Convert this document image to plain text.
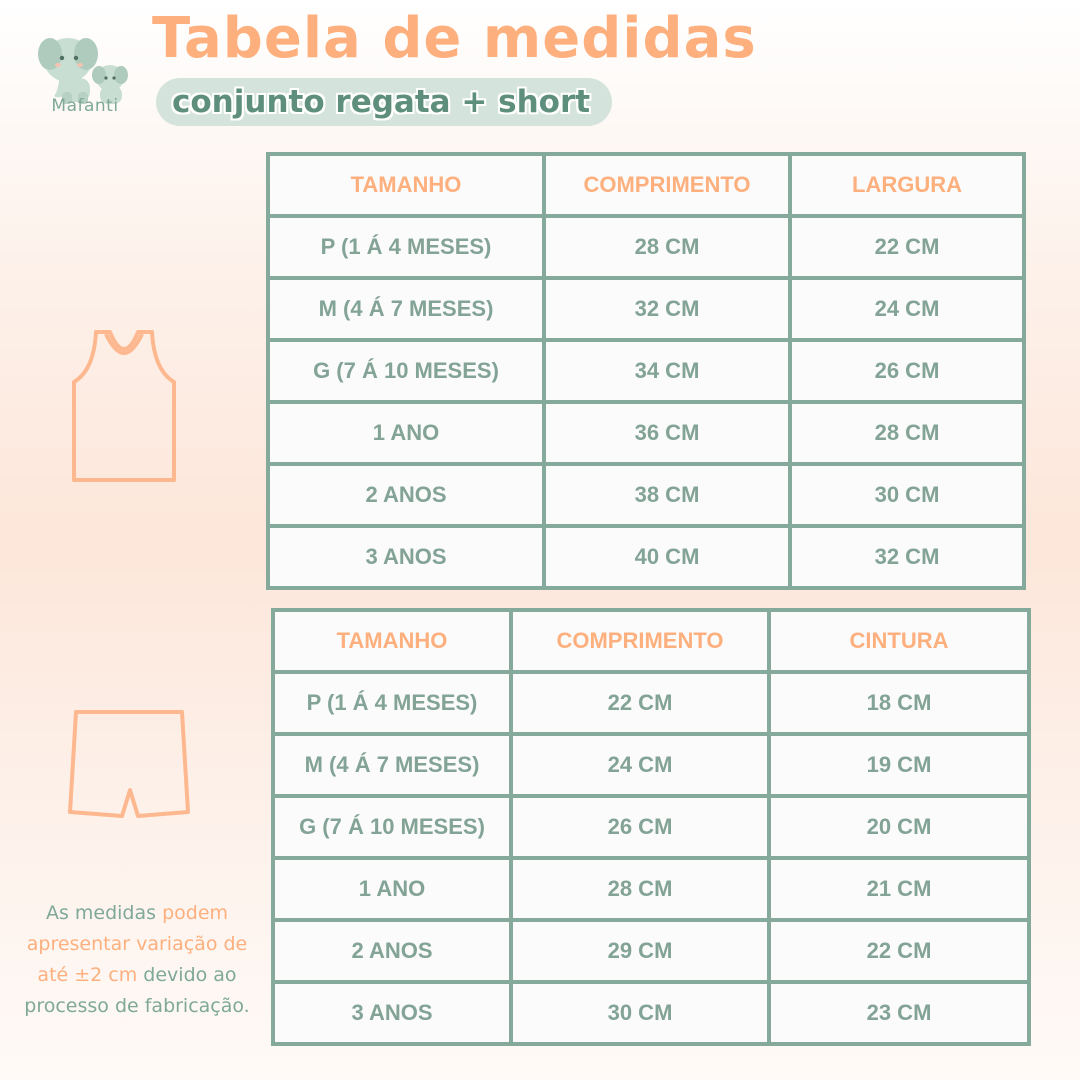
Mafanti
Tabela de medidas
conjunto regata + short
TAMANHO	COMPRIMENTO	LARGURA
P (1 Á 4 MESES)	28 CM	22 CM
M (4 Á 7 MESES)	32 CM	24 CM
G (7 Á 10 MESES)	34 CM	26 CM
1 ANO	36 CM	28 CM
2 ANOS	38 CM	30 CM
3 ANOS	40 CM	32 CM
TAMANHO	COMPRIMENTO	CINTURA
P (1 Á 4 MESES)	22 CM	18 CM
M (4 Á 7 MESES)	24 CM	19 CM
G (7 Á 10 MESES)	26 CM	20 CM
1 ANO	28 CM	21 CM
2 ANOS	29 CM	22 CM
3 ANOS	30 CM	23 CM
As medidas podem apresentar variação de até ±2 cm devido ao processo de fabricação.
